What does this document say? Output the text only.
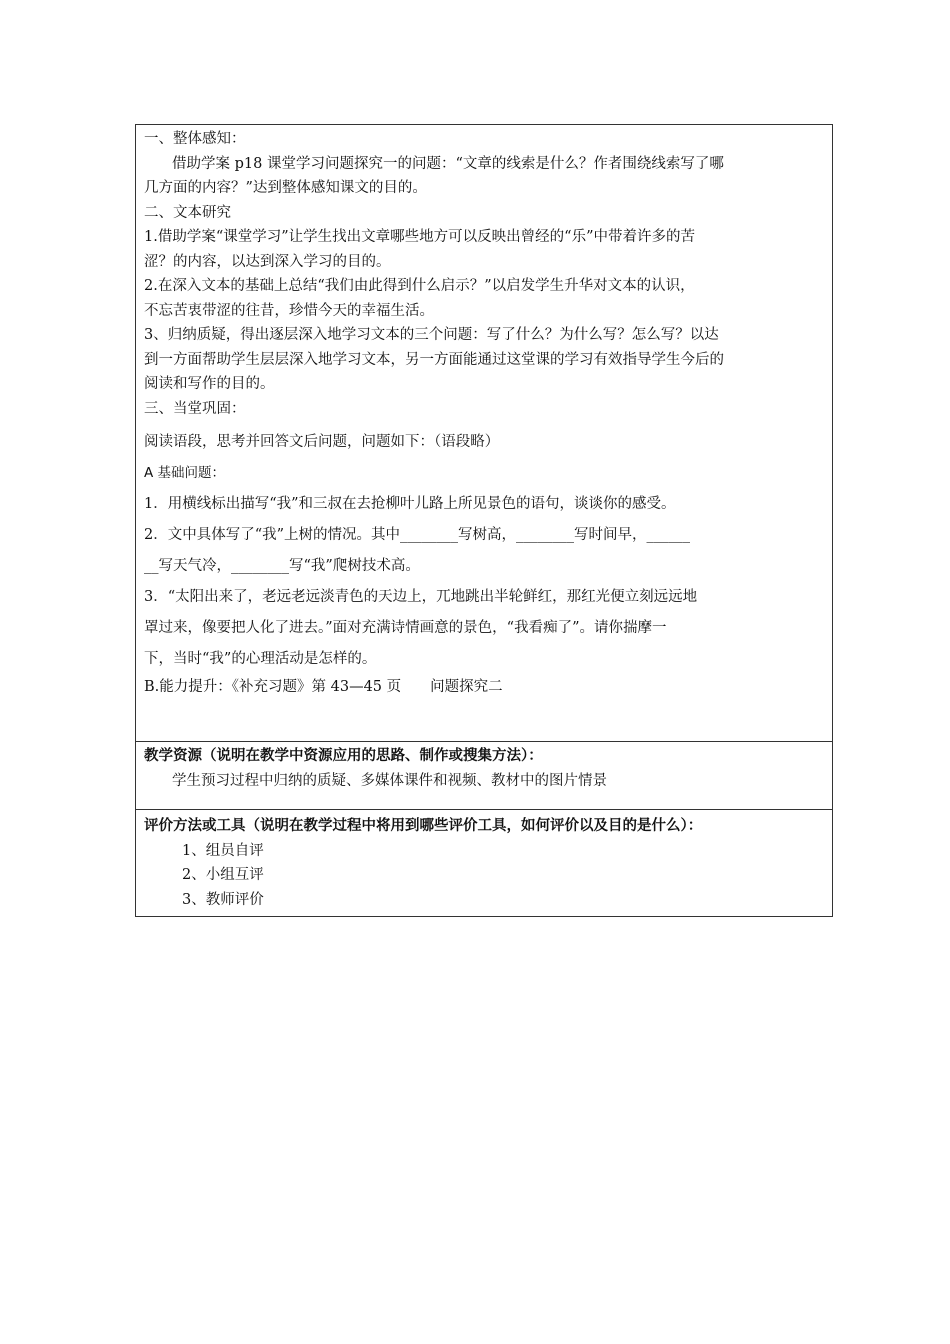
一、整体感知：

借助学案 p18 课堂学习问题探究一的问题：“文章的线索是什么？作者围绕线索写了哪

几方面的内容？”达到整体感知课文的目的。

二、文本研究

1.借助学案“课堂学习”让学生找出文章哪些地方可以反映出曾经的“乐”中带着许多的苦

涩？的内容，以达到深入学习的目的。

2.在深入文本的基础上总结“我们由此得到什么启示？”以启发学生升华对文本的认识，

不忘苦衷带涩的往昔，珍惜今天的幸福生活。

3、归纳质疑，得出逐层深入地学习文本的三个问题：写了什么？为什么写？怎么写？以达

到一方面帮助学生层层深入地学习文本，另一方面能通过这堂课的学习有效指导学生今后的

阅读和写作的目的。

三、当堂巩固：

阅读语段，思考并回答文后问题，问题如下：（语段略）

A 基础问题：

1．用横线标出描写“我”和三叔在去抢柳叶儿路上所见景色的语句，谈谈你的感受。

2．文中具体写了“我”上树的情况。其中________写树高，________写时间早，______

__写天气冷，________写“我”爬树技术高。

3．“太阳出来了，老远老远淡青色的天边上，兀地跳出半轮鲜红，那红光便立刻远远地

罩过来，像要把人化了进去。”面对充满诗情画意的景色，“我看痴了”。请你揣摩一

下，当时“我”的心理活动是怎样的。

B.能力提升：《补充习题》第 43—45 页　　问题探究二

教学资源（说明在教学中资源应用的思路、制作或搜集方法）：

学生预习过程中归纳的质疑、多媒体课件和视频、教材中的图片情景

评价方法或工具（说明在教学过程中将用到哪些评价工具，如何评价以及目的是什么）：

1、组员自评

2、小组互评

3、教师评价
